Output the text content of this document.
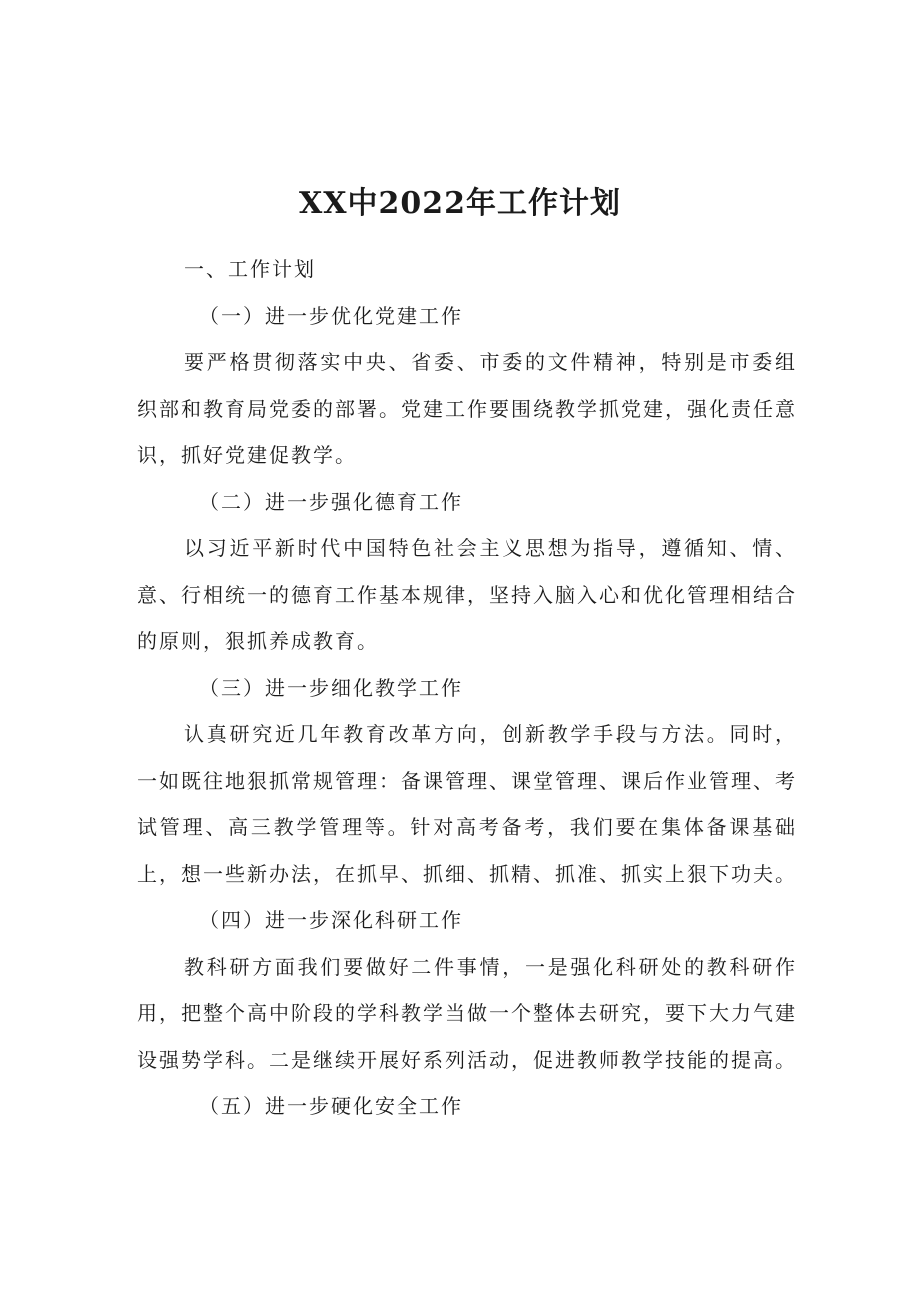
XX中2022年工作计划
一、工作计划
（一）进一步优化党建工作
要严格贯彻落实中央、省委、市委的文件精神，特别是市委组织部和教育局党委的部署。党建工作要围绕教学抓党建，强化责任意识，抓好党建促教学。
（二）进一步强化德育工作
以习近平新时代中国特色社会主义思想为指导，遵循知、情、意、行相统一的德育工作基本规律，坚持入脑入心和优化管理相结合的原则，狠抓养成教育。
（三）进一步细化教学工作
认真研究近几年教育改革方向，创新教学手段与方法。同时，一如既往地狠抓常规管理：备课管理、课堂管理、课后作业管理、考试管理、高三教学管理等。针对高考备考，我们要在集体备课基础上，想一些新办法，在抓早、抓细、抓精、抓准、抓实上狠下功夫。
（四）进一步深化科研工作
教科研方面我们要做好二件事情，一是强化科研处的教科研作用，把整个高中阶段的学科教学当做一个整体去研究，要下大力气建设强势学科。二是继续开展好系列活动，促进教师教学技能的提高。
（五）进一步硬化安全工作
